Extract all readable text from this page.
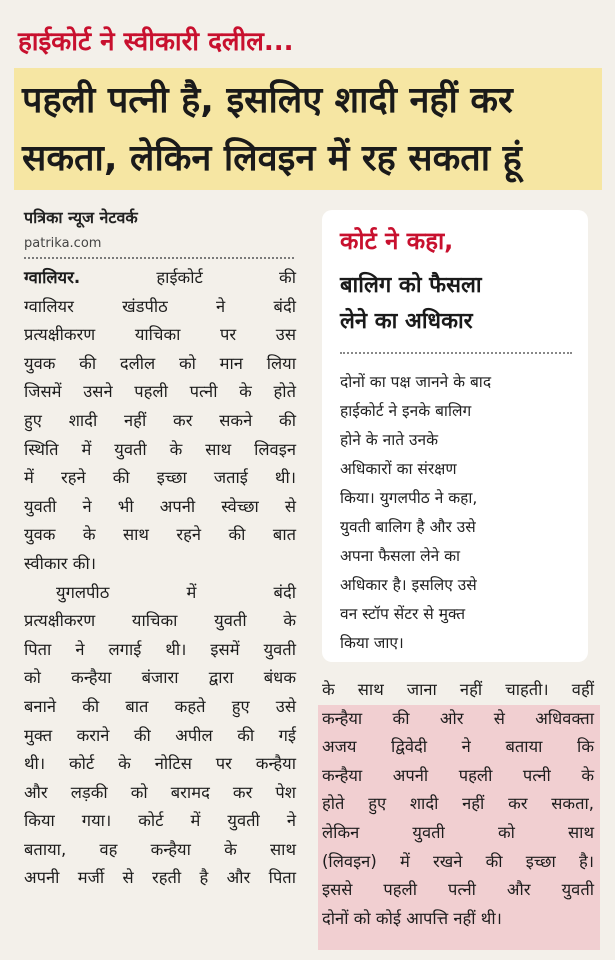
हाईकोर्ट ने स्वीकारी दलील...
पहली पत्नी है, इसलिए शादी नहीं कर
सकता, लेकिन लिवइन में रह सकता हूं
पत्रिका न्यूज नेटवर्क
patrika.com
ग्वालियर.	हाईकोर्ट की
ग्वालियर खंडपीठ ने बंदी
प्रत्यक्षीकरण याचिका पर उस
युवक की दलील को मान लिया
जिसमें उसने पहली पत्नी के होते
हुए शादी नहीं कर सकने की
स्थिति में युवती के साथ लिवइन
में रहने की इच्छा जताई थी।
युवती ने भी अपनी स्वेच्छा से
युवक के साथ रहने की बात
स्वीकार की।
युगलपीठ में बंदी
प्रत्यक्षीकरण याचिका युवती के
पिता ने लगाई थी। इसमें युवती
को कन्हैया बंजारा द्वारा बंधक
बनाने की बात कहते हुए उसे
मुक्त कराने की अपील की गई
थी। कोर्ट के नोटिस पर कन्हैया
और लड़की को बरामद कर पेश
किया गया। कोर्ट में युवती ने
बताया, वह कन्हैया के साथ
अपनी मर्जी से रहती है और पिता
कोर्ट ने कहा,
बालिग को फैसला
लेने का अधिकार
दोनों का पक्ष जानने के बाद
हाईकोर्ट ने इनके बालिग
होने के नाते उनके
अधिकारों का संरक्षण
किया। युगलपीठ ने कहा,
युवती बालिग है और उसे
अपना फैसला लेने का
अधिकार है। इसलिए उसे
वन स्टॉप सेंटर से मुक्त
किया जाए।
के साथ जाना नहीं चाहती। वहीं
कन्हैया की ओर से अधिवक्ता
अजय द्विवेदी ने बताया कि
कन्हैया अपनी पहली पत्नी के
होते हुए शादी नहीं कर सकता,
लेकिन युवती को साथ
(लिवइन) में रखने की इच्छा है।
इससे पहली पत्नी और युवती
दोनों को कोई आपत्ति नहीं थी।
